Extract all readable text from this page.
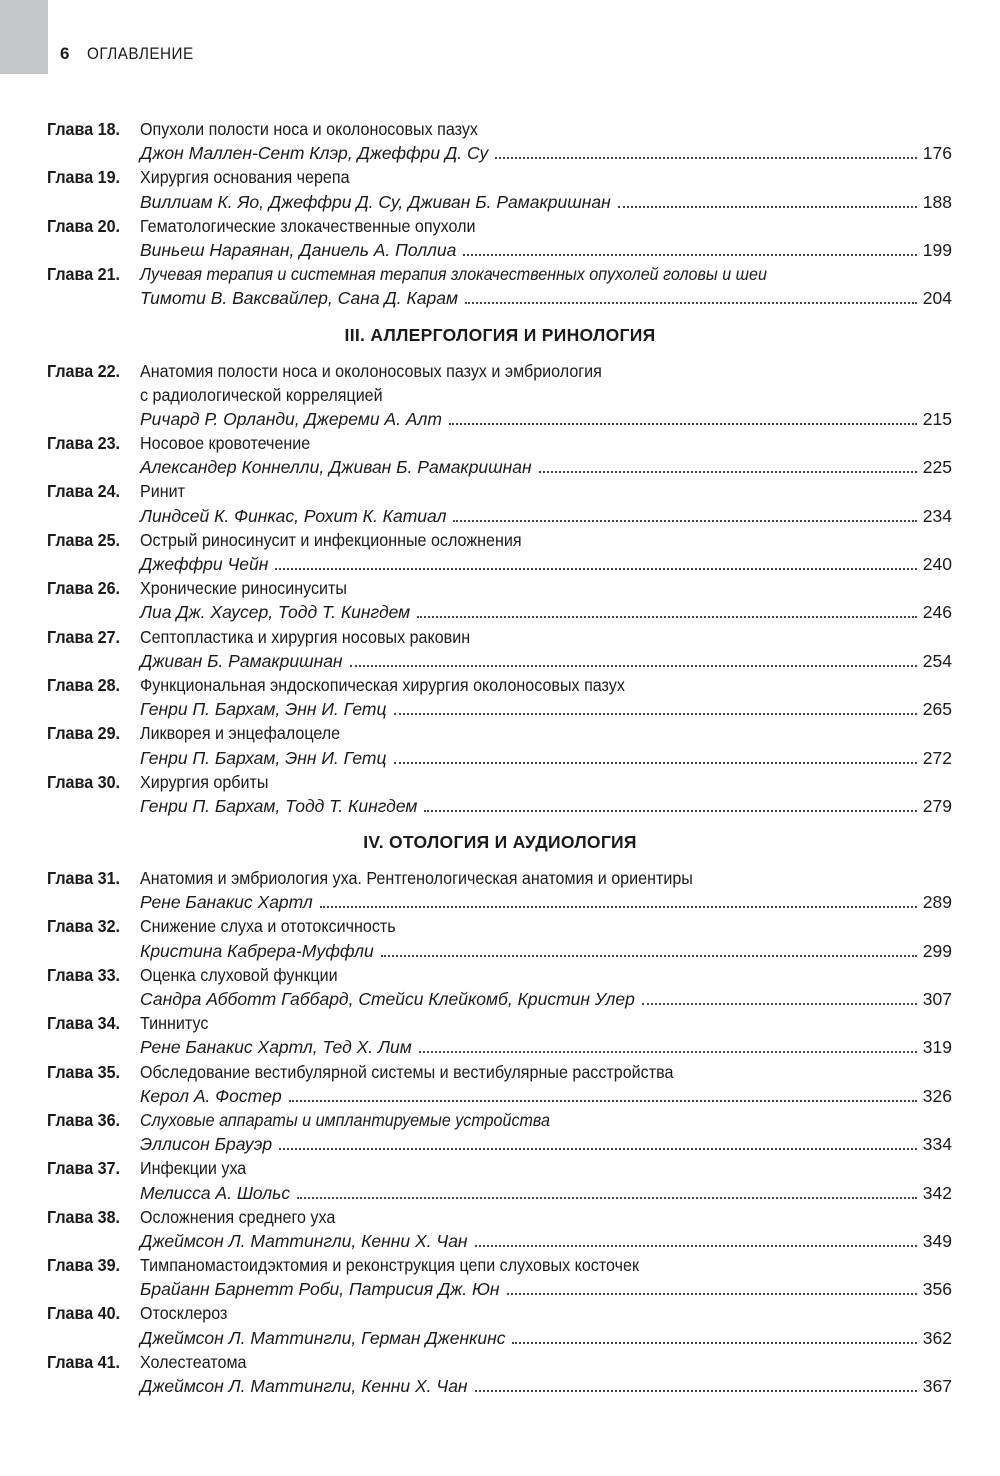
6 ОГЛАВЛЕНИЕ
Глава 18. Опухоли полости носа и околоносовых пазух
Джон Маллен-Сент Клэр, Джеффри Д. Су	176
Глава 19. Хирургия основания черепа
Виллиам К. Яо, Джеффри Д. Су, Дживан Б. Рамакришнан	188
Глава 20. Гематологические злокачественные опухоли
Виньеш Нараянан, Даниель А. Поллиа	199
Глава 21. Лучевая терапия и системная терапия злокачественных опухолей головы и шеи
Тимоти В. Ваксвайлер, Сана Д. Карам	204
III. АЛЛЕРГОЛОГИЯ И РИНОЛОГИЯ
Глава 22. Анатомия полости носа и околоносовых пазух и эмбриология
с радиологической корреляцией
Ричард Р. Орланди, Джереми А. Алт	215
Глава 23. Носовое кровотечение
Александер Коннелли, Дживан Б. Рамакришнан	225
Глава 24. Ринит
Линдсей К. Финкас, Рохит К. Катиал	234
Глава 25. Острый риносинусит и инфекционные осложнения
Джеффри Чейн	240
Глава 26. Хронические риносинуситы
Лиа Дж. Хаусер, Тодд Т. Кингдем	246
Глава 27. Септопластика и хирургия носовых раковин
Дживан Б. Рамакришнан	254
Глава 28. Функциональная эндоскопическая хирургия околоносовых пазух
Генри П. Бархам, Энн И. Гетц	265
Глава 29. Ликворея и энцефалоцеле
Генри П. Бархам, Энн И. Гетц	272
Глава 30. Хирургия орбиты
Генри П. Бархам, Тодд Т. Кингдем	279
IV. ОТОЛОГИЯ И АУДИОЛОГИЯ
Глава 31. Анатомия и эмбриология уха. Рентгенологическая анатомия и ориентиры
Рене Банакис Хартл	289
Глава 32. Снижение слуха и ототоксичность
Кристина Кабрера-Муффли	299
Глава 33. Оценка слуховой функции
Сандра Абботт Габбард, Стейси Клейкомб, Кристин Улер	307
Глава 34. Тиннитус
Рене Банакис Хартл, Тед Х. Лим	319
Глава 35. Обследование вестибулярной системы и вестибулярные расстройства
Керол А. Фостер	326
Глава 36. Слуховые аппараты и имплантируемые устройства
Эллисон Брауэр	334
Глава 37. Инфекции уха
Мелисса А. Шольс	342
Глава 38. Осложнения среднего уха
Джеймсон Л. Маттингли, Кенни Х. Чан	349
Глава 39. Тимпаномастоидэктомия и реконструкция цепи слуховых косточек
Брайанн Барнетт Роби, Патрисия Дж. Юн	356
Глава 40. Отосклероз
Джеймсон Л. Маттингли, Герман Дженкинс	362
Глава 41. Холестеатома
Джеймсон Л. Маттингли, Кенни Х. Чан	367
